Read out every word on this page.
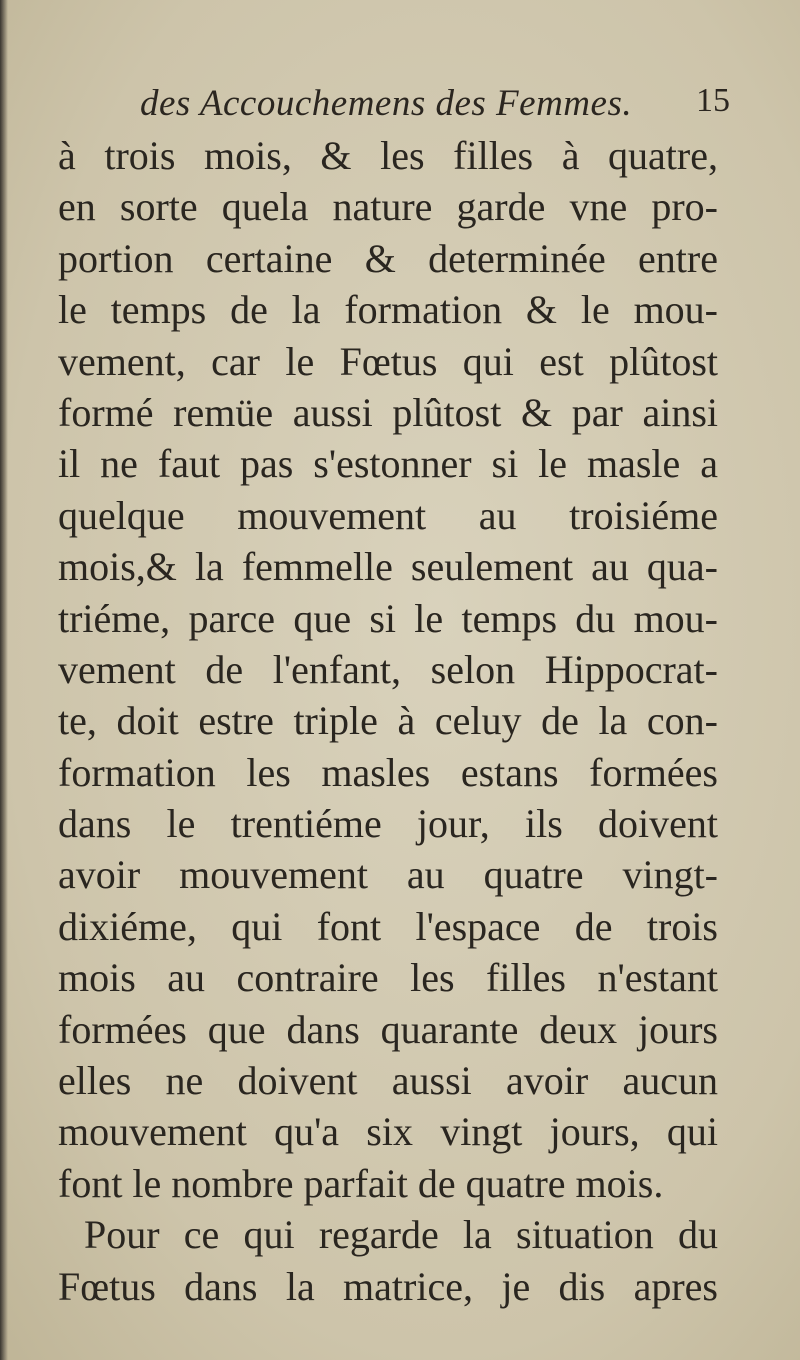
des Accouchemens des Femmes. 15
à trois mois, & les filles à quatre,
en sorte quela nature garde vne pro-
portion certaine & determinée entre
le temps de la formation & le mou-
vement, car le Fœtus qui est plûtost
formé remüe aussi plûtost & par ainsi
il ne faut pas s'estonner si le masle a
quelque mouvement au troisiéme
mois,& la femmelle seulement au qua-
triéme, parce que si le temps du mou-
vement de l'enfant, selon Hippocrat-
te, doit estre triple à celuy de la con-
formation les masles estans formées
dans le trentiéme jour, ils doivent
avoir mouvement au quatre vingt-
dixiéme, qui font l'espace de trois
mois au contraire les filles n'estant
formées que dans quarante deux jours
elles ne doivent aussi avoir aucun
mouvement qu'a six vingt jours, qui
font le nombre parfait de quatre mois.
Pour ce qui regarde la situation du
Fœtus dans la matrice, je dis apres
